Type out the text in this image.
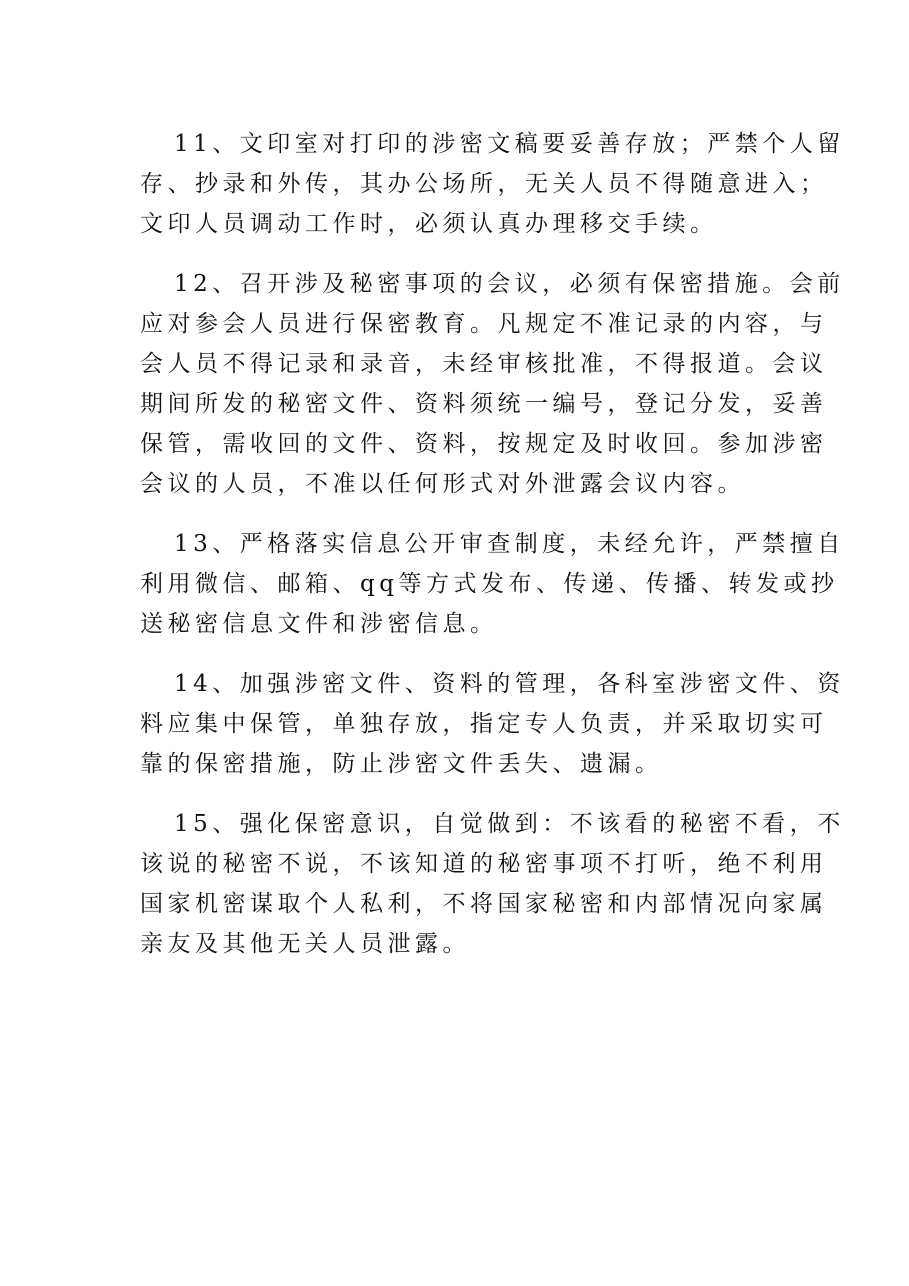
11、文印室对打印的涉密文稿要妥善存放；严禁个人留
存、抄录和外传，其办公场所，无关人员不得随意进入；
文印人员调动工作时，必须认真办理移交手续。

12、召开涉及秘密事项的会议，必须有保密措施。会前
应对参会人员进行保密教育。凡规定不准记录的内容，与
会人员不得记录和录音，未经审核批准，不得报道。会议
期间所发的秘密文件、资料须统一编号，登记分发，妥善
保管，需收回的文件、资料，按规定及时收回。参加涉密
会议的人员，不准以任何形式对外泄露会议内容。

13、严格落实信息公开审查制度，未经允许，严禁擅自
利用微信、邮箱、qq等方式发布、传递、传播、转发或抄
送秘密信息文件和涉密信息。

14、加强涉密文件、资料的管理，各科室涉密文件、资
料应集中保管，单独存放，指定专人负责，并采取切实可
靠的保密措施，防止涉密文件丢失、遗漏。

15、强化保密意识，自觉做到：不该看的秘密不看，不
该说的秘密不说，不该知道的秘密事项不打听，绝不利用
国家机密谋取个人私利，不将国家秘密和内部情况向家属
亲友及其他无关人员泄露。
